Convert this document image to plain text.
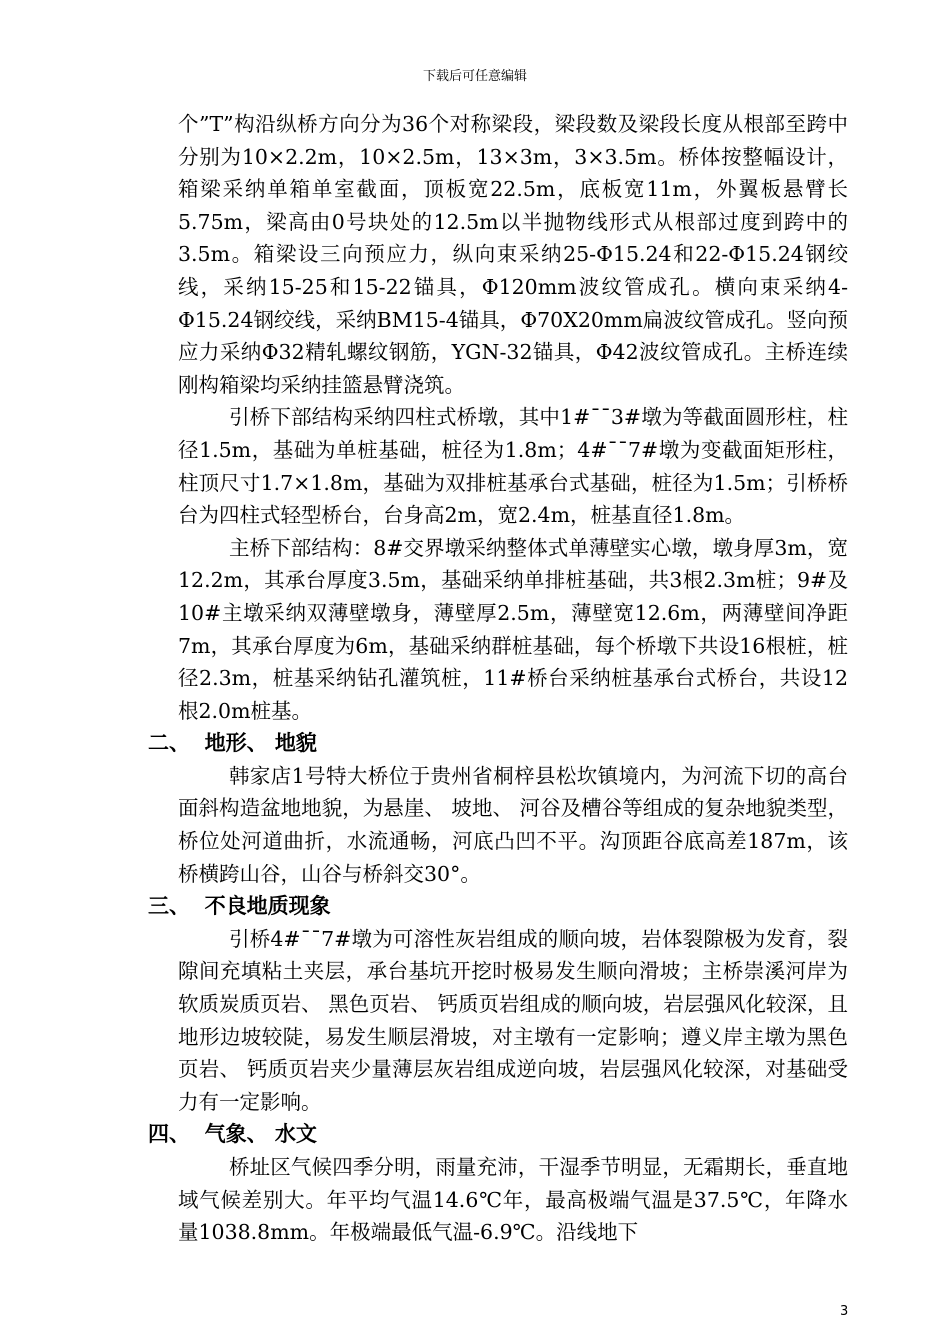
下载后可任意编辑

个”T”构沿纵桥方向分为36个对称梁段，梁段数及梁段长度从根部至跨中分别为10×2.2m，10×2.5m，13×3m，3×3.5m。桥体按整幅设计，箱梁采纳单箱单室截面，顶板宽22.5m，底板宽11m，外翼板悬臂长5.75m，梁高由0号块处的12.5m以半抛物线形式从根部过度到跨中的3.5m。箱梁设三向预应力，纵向束采纳25-Φ15.24和22-Φ15.24钢绞线，采纳15-25和15-22锚具，Φ120mm波纹管成孔。横向束采纳4-Φ15.24钢绞线，采纳BM15-4锚具，Φ70X20mm扁波纹管成孔。竖向预应力采纳Φ32精轧螺纹钢筋，YGN-32锚具，Φ42波纹管成孔。主桥连续刚构箱梁均采纳挂篮悬臂浇筑。

引桥下部结构采纳四柱式桥墩，其中1#¯¯3#墩为等截面圆形柱，柱径1.5m，基础为单桩基础，桩径为1.8m；4#¯¯7#墩为变截面矩形柱，柱顶尺寸1.7×1.8m，基础为双排桩基承台式基础，桩径为1.5m；引桥桥台为四柱式轻型桥台，台身高2m，宽2.4m，桩基直径1.8m。

主桥下部结构：8#交界墩采纳整体式单薄壁实心墩，墩身厚3m，宽12.2m，其承台厚度3.5m，基础采纳单排桩基础，共3根2.3m桩；9#及10#主墩采纳双薄壁墩身，薄壁厚2.5m，薄壁宽12.6m，两薄壁间净距7m，其承台厚度为6m，基础采纳群桩基础，每个桥墩下共设16根桩，桩径2.3m，桩基采纳钻孔灌筑桩，11#桥台采纳桩基承台式桥台，共设12根2.0m桩基。

二、  地形、 地貌

韩家店1号特大桥位于贵州省桐梓县松坎镇境内，为河流下切的高台面斜构造盆地地貌，为悬崖、 坡地、 河谷及槽谷等组成的复杂地貌类型，桥位处河道曲折，水流通畅，河底凸凹不平。沟顶距谷底高差187m，该桥横跨山谷，山谷与桥斜交30°。

三、  不良地质现象

引桥4#¯¯7#墩为可溶性灰岩组成的顺向坡，岩体裂隙极为发育，裂隙间充填粘土夹层，承台基坑开挖时极易发生顺向滑坡；主桥崇溪河岸为软质炭质页岩、 黑色页岩、 钙质页岩组成的顺向坡，岩层强风化较深，且地形边坡较陡，易发生顺层滑坡，对主墩有一定影响；遵义岸主墩为黑色页岩、 钙质页岩夹少量薄层灰岩组成逆向坡，岩层强风化较深，对基础受力有一定影响。

四、  气象、 水文

桥址区气候四季分明，雨量充沛，干湿季节明显，无霜期长，垂直地域气候差别大。年平均气温14.6℃年，最高极端气温是37.5℃，年降水量1038.8mm。年极端最低气温-6.9℃。沿线地下

3
